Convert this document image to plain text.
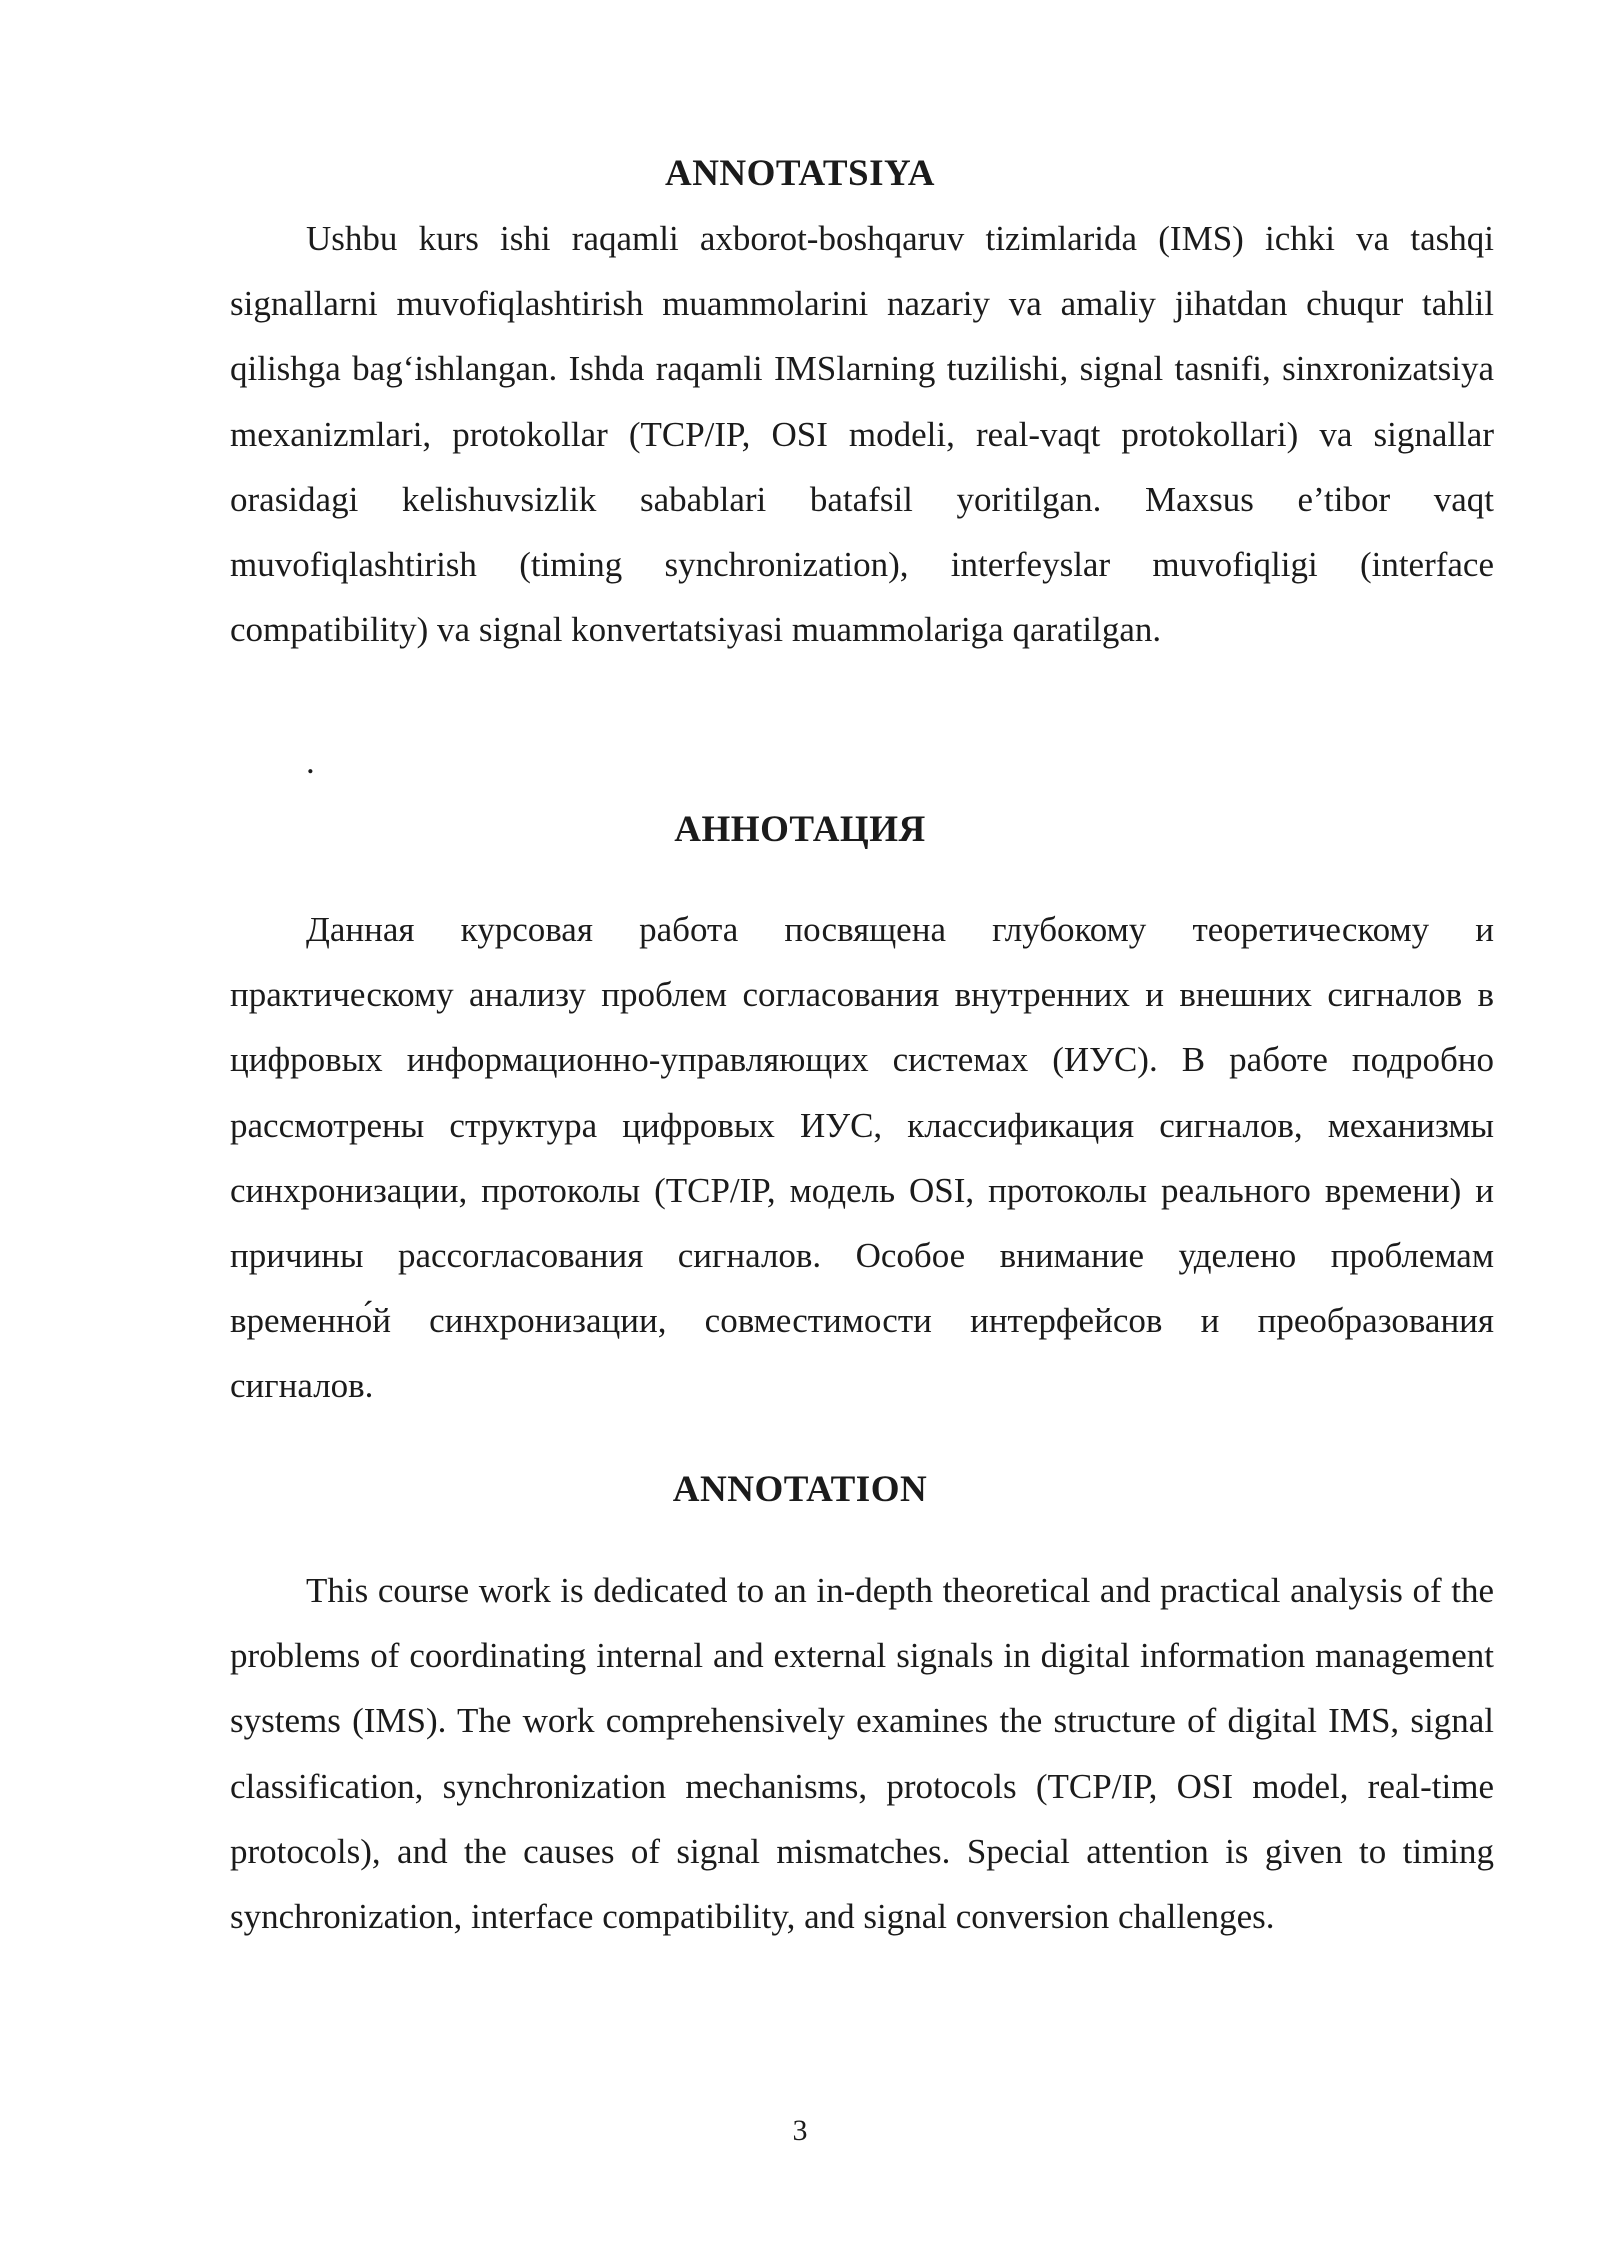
ANNOTATSIYA

Ushbu kurs ishi raqamli axborot-boshqaruv tizimlarida (IMS) ichki va tashqi signallarni muvofiqlashtirish muammolarini nazariy va amaliy jihatdan chuqur tahlil qilishga bag‘ishlangan. Ishda raqamli IMSlarning tuzilishi, signal tasnifi, sinxronizatsiya mexanizmlari, protokollar (TCP/IP, OSI modeli, real-vaqt protokollari) va signallar orasidagi kelishuvsizlik sabablari batafsil yoritilgan. Maxsus e’tibor vaqt muvofiqlashtirish (timing synchronization), interfeyslar muvofiqligi (interface compatibility) va signal konvertatsiyasi muammolariga qaratilgan.

.
АННОТАЦИЯ

Данная курсовая работа посвящена глубокому теоретическому и практическому анализу проблем согласования внутренних и внешних сигналов в цифровых информационно-управляющих системах (ИУС). В работе подробно рассмотрены структура цифровых ИУС, классификация сигналов, механизмы синхронизации, протоколы (TCP/IP, модель OSI, протоколы реального времени) и причины рассогласования сигналов. Особое внимание уделено проблемам временно́й синхронизации, совместимости интерфейсов и преобразования сигналов.

ANNOTATION

This course work is dedicated to an in-depth theoretical and practical analysis of the problems of coordinating internal and external signals in digital information management systems (IMS). The work comprehensively examines the structure of digital IMS, signal classification, synchronization mechanisms, protocols (TCP/IP, OSI model, real-time protocols), and the causes of signal mismatches. Special attention is given to timing synchronization, interface compatibility, and signal conversion challenges.

3
